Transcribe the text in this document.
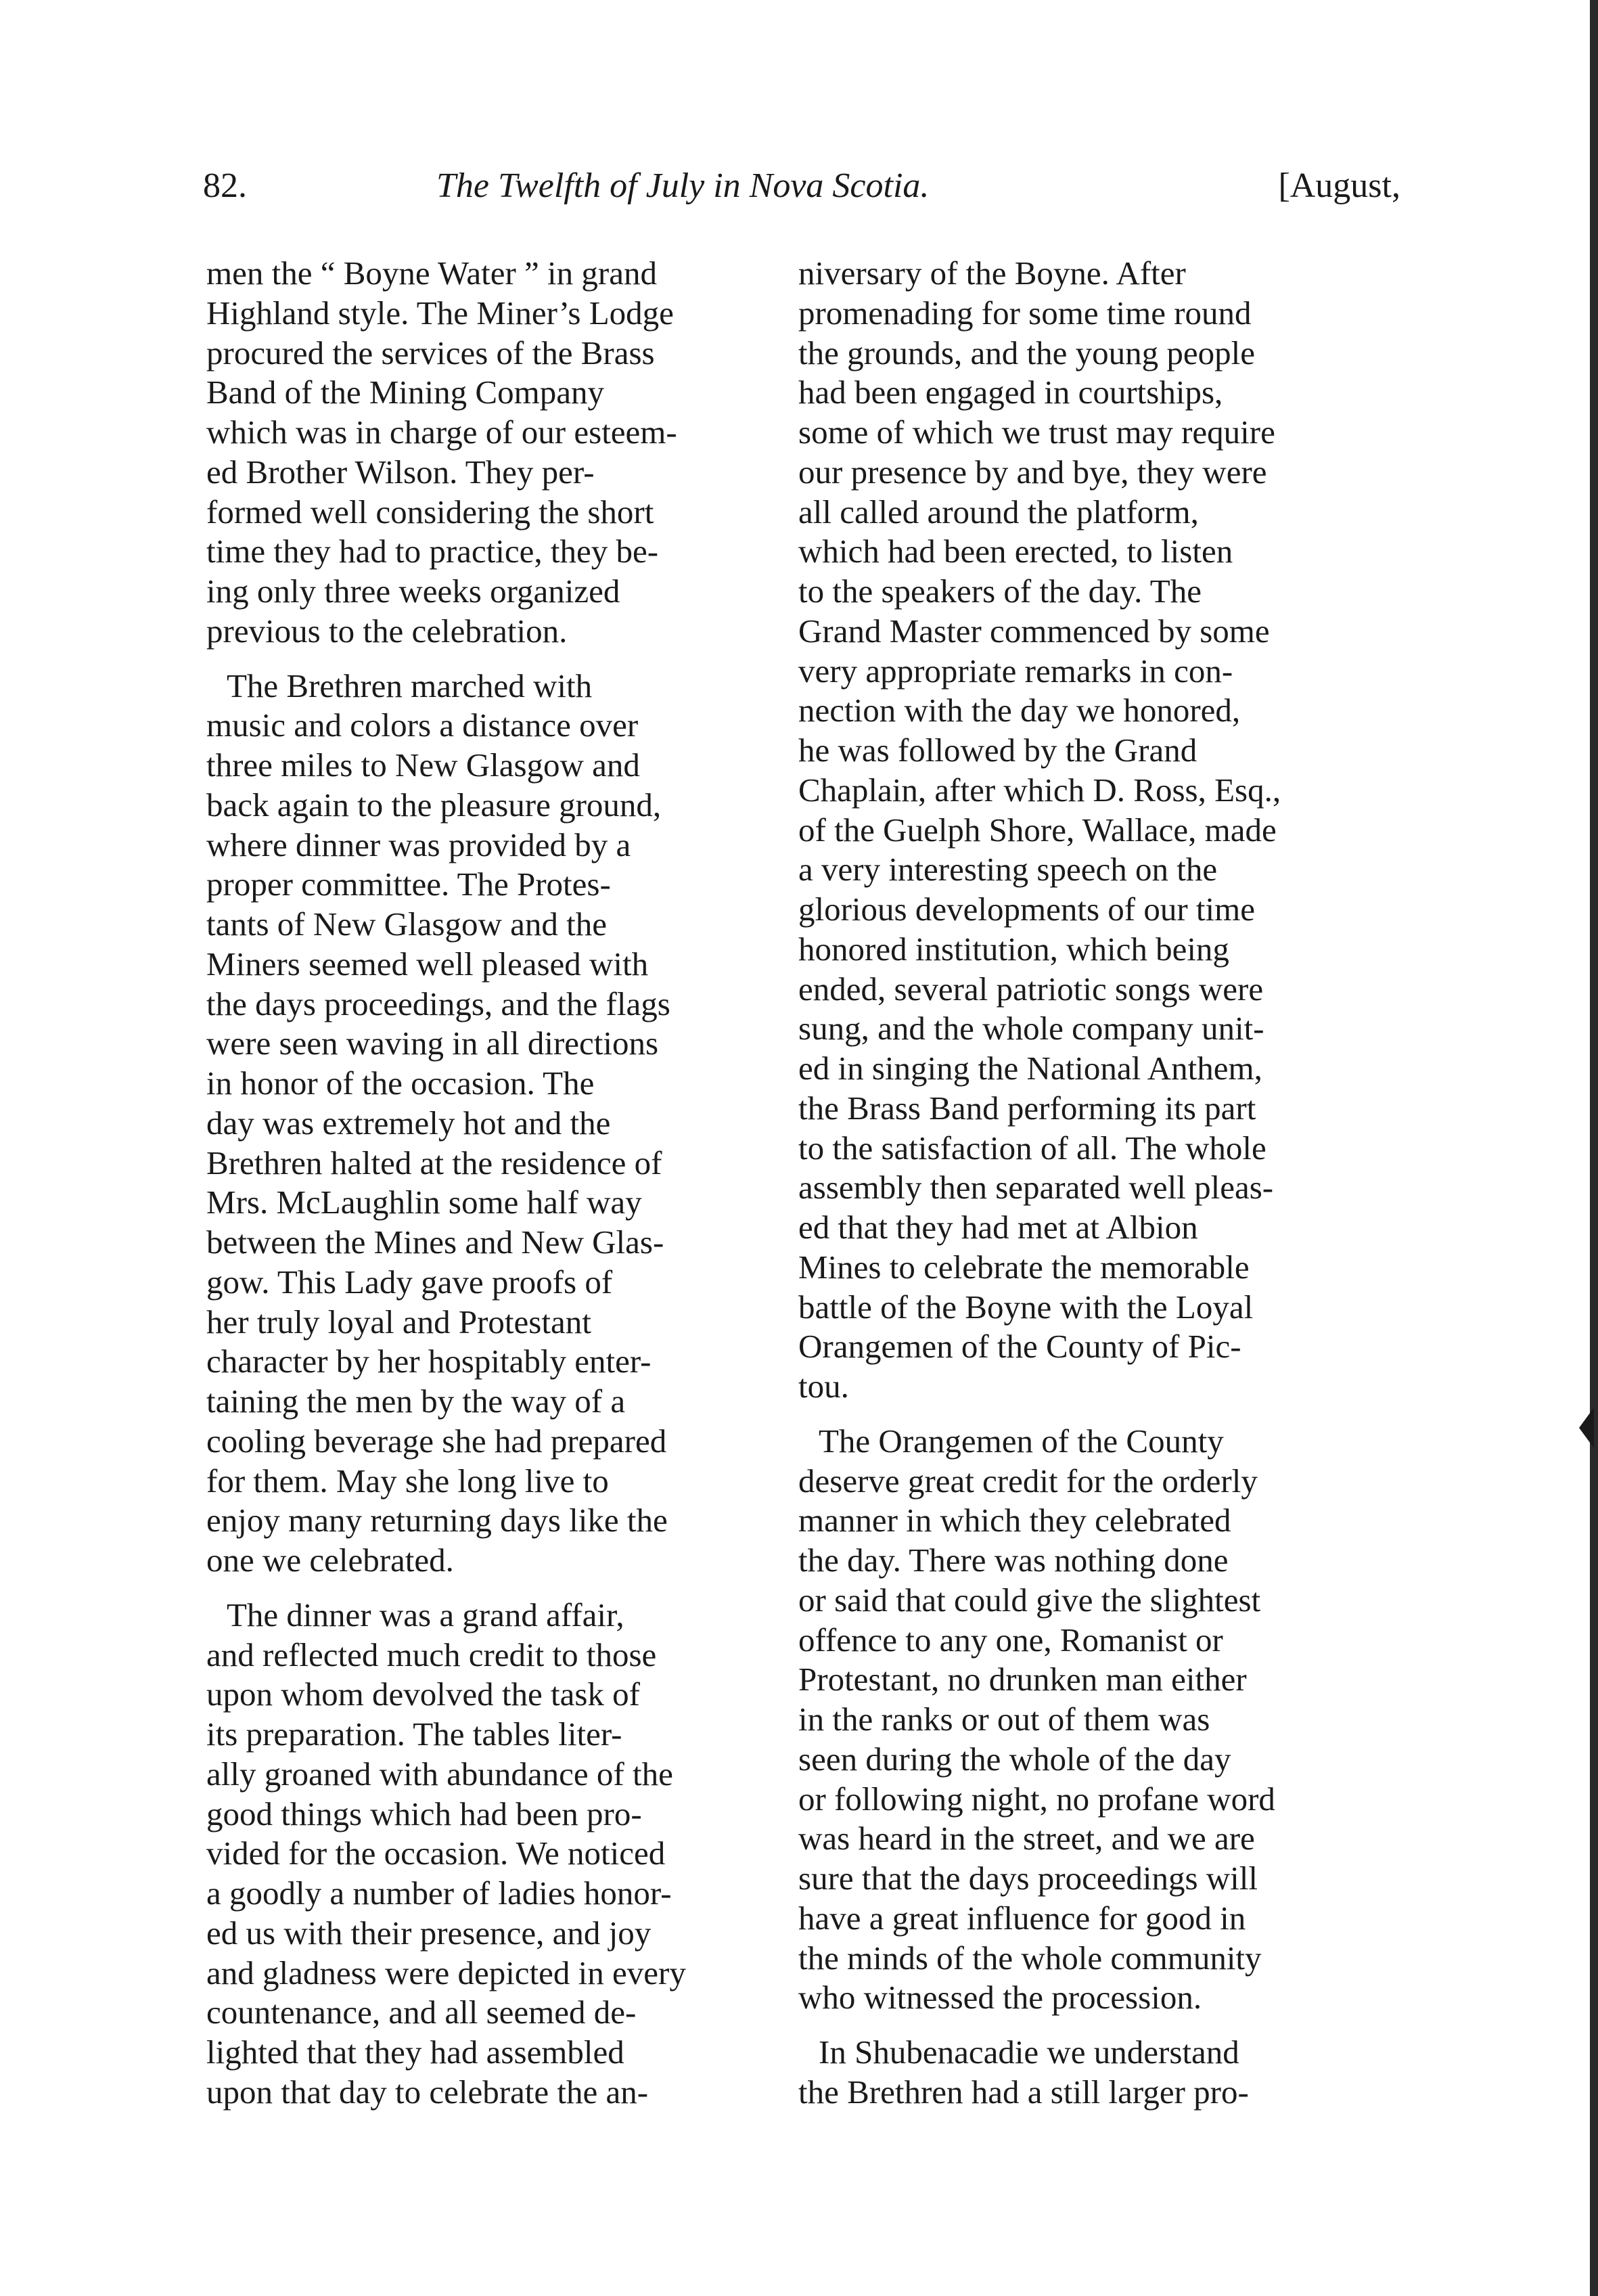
82.	The Twelfth of July in Nova Scotia.	[August,
men the “ Boyne Water ” in grand
Highland style. The Miner’s Lodge
procured the services of the Brass
Band of the Mining Company
which was in charge of our esteem-
ed Brother Wilson. They per-
formed well considering the short
time they had to practice, they be-
ing only three weeks organized
previous to the celebration.
The Brethren marched with
music and colors a distance over
three miles to New Glasgow and
back again to the pleasure ground,
where dinner was provided by a
proper committee. The Protes-
tants of New Glasgow and the
Miners seemed well pleased with
the days proceedings, and the flags
were seen waving in all directions
in honor of the occasion. The
day was extremely hot and the
Brethren halted at the residence of
Mrs. McLaughlin some half way
between the Mines and New Glas-
gow. This Lady gave proofs of
her truly loyal and Protestant
character by her hospitably enter-
taining the men by the way of a
cooling beverage she had prepared
for them. May she long live to
enjoy many returning days like the
one we celebrated.
The dinner was a grand affair,
and reflected much credit to those
upon whom devolved the task of
its preparation. The tables liter-
ally groaned with abundance of the
good things which had been pro-
vided for the occasion. We noticed
a goodly a number of ladies honor-
ed us with their presence, and joy
and gladness were depicted in every
countenance, and all seemed de-
lighted that they had assembled
upon that day to celebrate the an-
niversary of the Boyne. After
promenading for some time round
the grounds, and the young people
had been engaged in courtships,
some of which we trust may require
our presence by and bye, they were
all called around the platform,
which had been erected, to listen
to the speakers of the day. The
Grand Master commenced by some
very appropriate remarks in con-
nection with the day we honored,
he was followed by the Grand
Chaplain, after which D. Ross, Esq.,
of the Guelph Shore, Wallace, made
a very interesting speech on the
glorious developments of our time
honored institution, which being
ended, several patriotic songs were
sung, and the whole company unit-
ed in singing the National Anthem,
the Brass Band performing its part
to the satisfaction of all. The whole
assembly then separated well pleas-
ed that they had met at Albion
Mines to celebrate the memorable
battle of the Boyne with the Loyal
Orangemen of the County of Pic-
tou.
The Orangemen of the County
deserve great credit for the orderly
manner in which they celebrated
the day. There was nothing done
or said that could give the slightest
offence to any one, Romanist or
Protestant, no drunken man either
in the ranks or out of them was
seen during the whole of the day
or following night, no profane word
was heard in the street, and we are
sure that the days proceedings will
have a great influence for good in
the minds of the whole community
who witnessed the procession.
In Shubenacadie we understand
the Brethren had a still larger pro-
